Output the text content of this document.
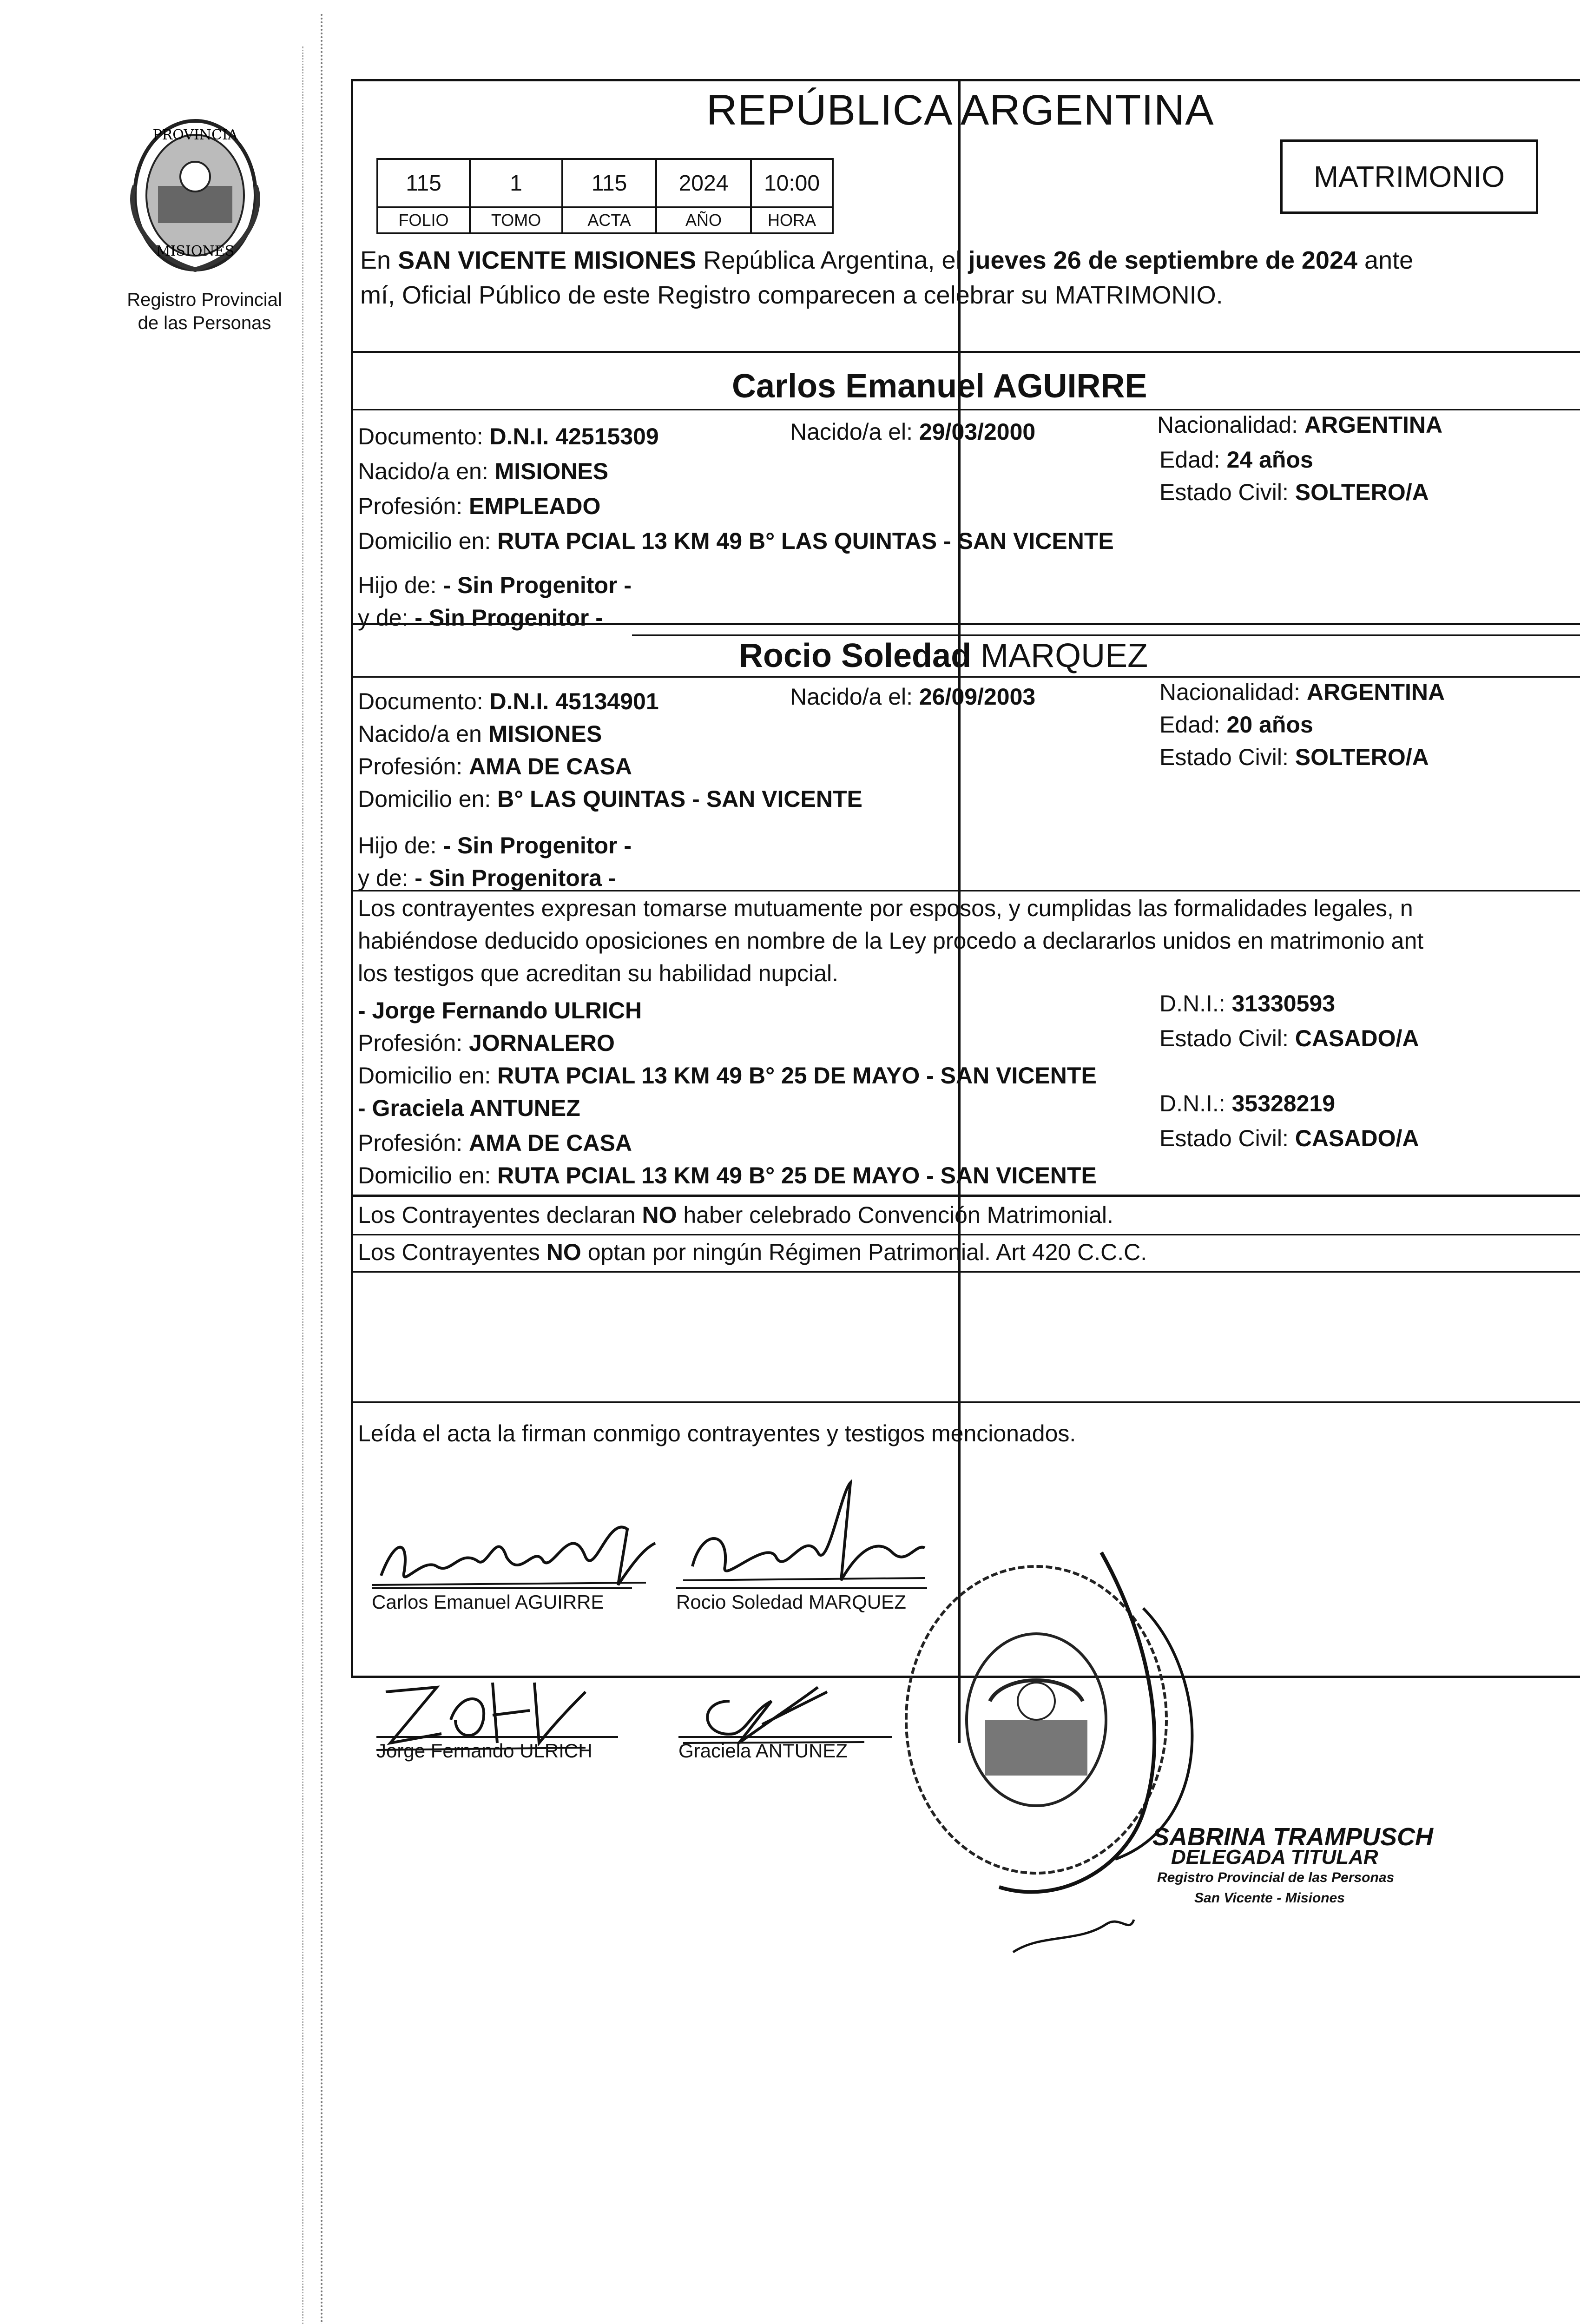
PROVINCIA
MISIONES
Registro Provincial
de las Personas
REPÚBLICA ARGENTINA
115	1	115	2024	10:00
FOLIO	TOMO	ACTA	AÑO	HORA
MATRIMONIO
En SAN VICENTE MISIONES República Argentina, el jueves 26 de septiembre de 2024 ante
mí, Oficial Público de este Registro comparecen a celebrar su MATRIMONIO.
Carlos Emanuel AGUIRRE
Documento: D.N.I. 42515309	Nacido/a el: 29/03/2000	Nacionalidad: ARGENTINA
Edad: 24 años
Nacido/a en: MISIONES
Profesión: EMPLEADO
Estado Civil: SOLTERO/A
Domicilio en: RUTA PCIAL 13 KM 49 B° LAS QUINTAS - SAN VICENTE
Hijo de: - Sin Progenitor -
y de: - Sin Progenitor -
Rocio Soledad MARQUEZ
Documento: D.N.I. 45134901	Nacido/a el: 26/09/2003	Nacionalidad: ARGENTINA
Edad: 20 años
Nacido/a en MISIONES
Profesión: AMA DE CASA	Estado Civil: SOLTERO/A
Domicilio en: B° LAS QUINTAS - SAN VICENTE
Hijo de: - Sin Progenitor -
y de: - Sin Progenitora -
Los contrayentes expresan tomarse mutuamente por esposos, y cumplidas las formalidades legales, n
habiéndose deducido oposiciones en nombre de la Ley procedo a declararlos unidos en matrimonio ant
los testigos que acreditan su habilidad nupcial.
- Jorge Fernando ULRICH	D.N.I.: 31330593
Profesión: JORNALERO	Estado Civil: CASADO/A
Domicilio en: RUTA PCIAL 13 KM 49 B° 25 DE MAYO - SAN VICENTE
- Graciela ANTUNEZ	D.N.I.: 35328219
Profesión: AMA DE CASA	Estado Civil: CASADO/A
Domicilio en: RUTA PCIAL 13 KM 49 B° 25 DE MAYO - SAN VICENTE
Los Contrayentes declaran NO haber celebrado Convención Matrimonial.
Los Contrayentes NO optan por ningún Régimen Patrimonial. Art 420 C.C.C.
Leída el acta la firman conmigo contrayentes y testigos mencionados.
Carlos Emanuel AGUIRRE	Rocio Soledad MARQUEZ
Jorge Fernando ULRICH	Graciela ANTUNEZ
SABRINA TRAMPUSCH
DELEGADA TITULAR
Registro Provincial de las Personas
San Vicente - Misiones
